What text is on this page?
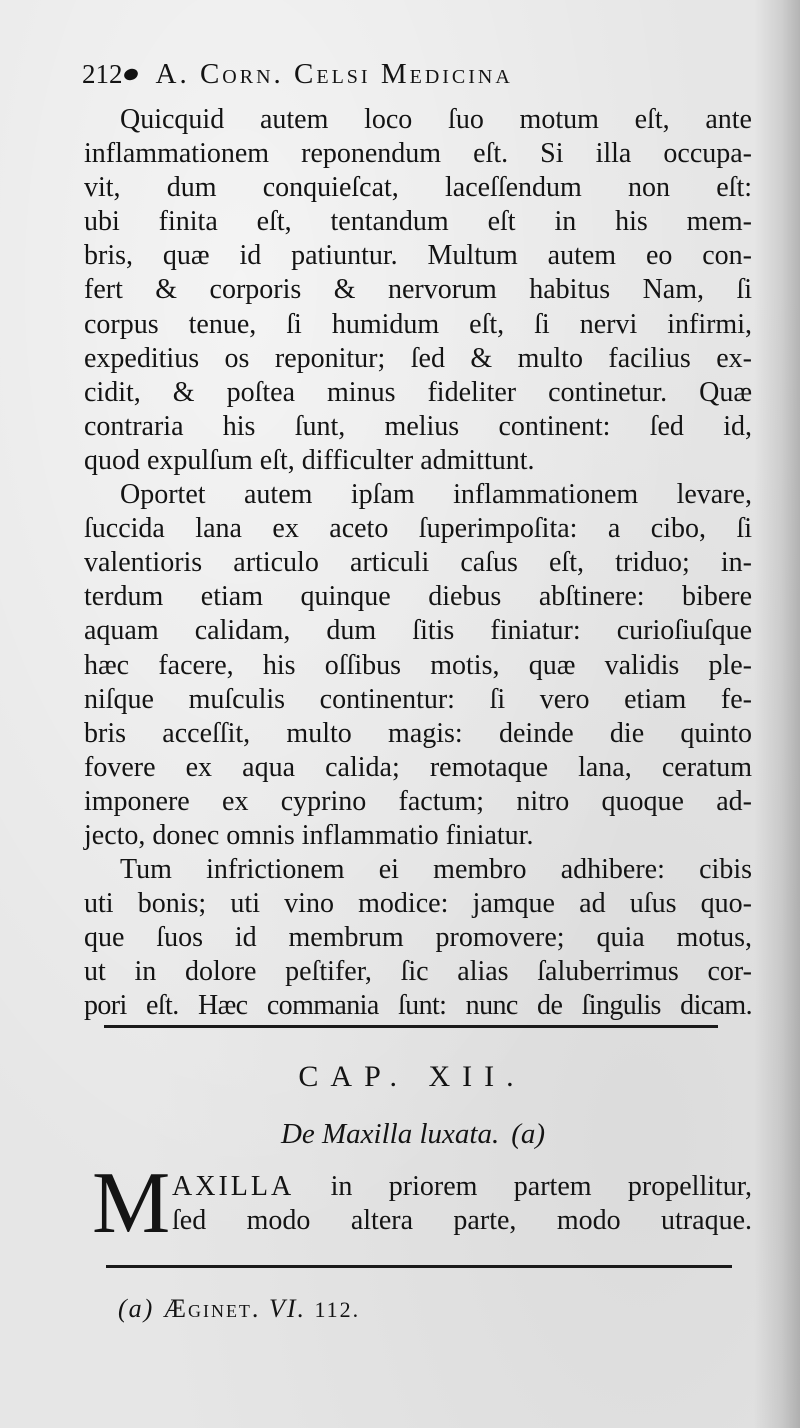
212 A. Corn. Celsi Medicina
Quicquid autem loco ſuo motum eſt, ante
inflammationem reponendum eſt. Si illa occupa-
vit, dum conquieſcat, laceſſendum non eſt:
ubi finita eſt, tentandum eſt in his mem-
bris, quæ id patiuntur. Multum autem eo con-
fert & corporis & nervorum habitus Nam, ſi
corpus tenue, ſi humidum eſt, ſi nervi infirmi,
expeditius os reponitur; ſed & multo facilius ex-
cidit, & poſtea minus fideliter continetur. Quæ
contraria his ſunt, melius continent: ſed id,
quod expulſum eſt, difficulter admittunt.
Oportet autem ipſam inflammationem levare,
ſuccida lana ex aceto ſuperimpoſita: a cibo, ſi
valentioris articulo articuli caſus eſt, triduo; in-
terdum etiam quinque diebus abſtinere: bibere
aquam calidam, dum ſitis finiatur: curioſiuſque
hæc facere, his oſſibus motis, quæ validis ple-
niſque muſculis continentur: ſi vero etiam fe-
bris acceſſit, multo magis: deinde die quinto
fovere ex aqua calida; remotaque lana, ceratum
imponere ex cyprino factum; nitro quoque ad-
jecto, donec omnis inflammatio finiatur.
Tum infrictionem ei membro adhibere: cibis
uti bonis; uti vino modice: jamque ad uſus quo-
que ſuos id membrum promovere; quia motus,
ut in dolore peſtifer, ſic alias ſaluberrimus cor-
pori eſt. Hæc commania ſunt: nunc de ſingulis dicam.
CAP. XII.
De Maxilla luxata. (a)
M AXILLA in priorem partem propellitur,
ſed modo altera parte, modo utraque.
(a) Æginet. VI. 112.
